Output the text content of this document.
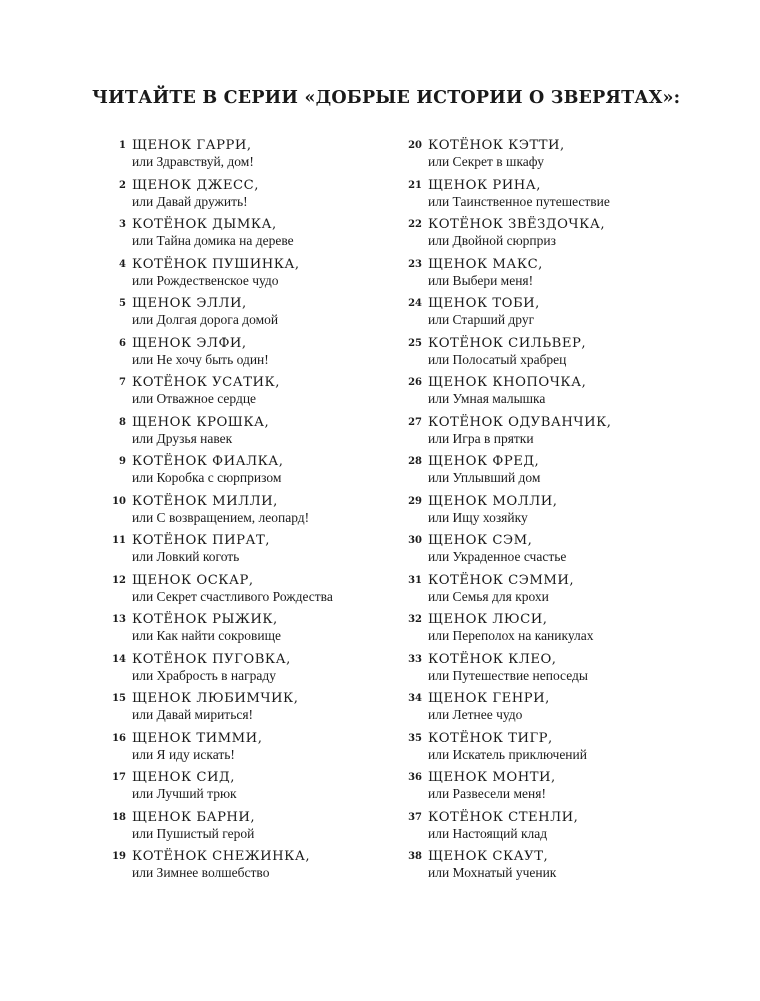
ЧИТАЙТЕ В СЕРИИ «ДОБРЫЕ ИСТОРИИ О ЗВЕРЯТАХ»:
1 ЩЕНОК ГАРРИ,
или Здравствуй, дом!
2 ЩЕНОК ДЖЕСС,
или Давай дружить!
3 КОТЁНОК ДЫМКА,
или Тайна домика на дереве
4 КОТЁНОК ПУШИНКА,
или Рождественское чудо
5 ЩЕНОК ЭЛЛИ,
или Долгая дорога домой
6 ЩЕНОК ЭЛФИ,
или Не хочу быть один!
7 КОТЁНОК УСАТИК,
или Отважное сердце
8 ЩЕНОК КРОШКА,
или Друзья навек
9 КОТЁНОК ФИАЛКА,
или Коробка с сюрпризом
10 КОТЁНОК МИЛЛИ,
или С возвращением, леопард!
11 КОТЁНОК ПИРАТ,
или Ловкий коготь
12 ЩЕНОК ОСКАР,
или Секрет счастливого Рождества
13 КОТЁНОК РЫЖИК,
или Как найти сокровище
14 КОТЁНОК ПУГОВКА,
или Храбрость в награду
15 ЩЕНОК ЛЮБИМЧИК,
или Давай мириться!
16 ЩЕНОК ТИММИ,
или Я иду искать!
17 ЩЕНОК СИД,
или Лучший трюк
18 ЩЕНОК БАРНИ,
или Пушистый герой
19 КОТЁНОК СНЕЖИНКА,
или Зимнее волшебство
20 КОТЁНОК КЭТТИ,
или Секрет в шкафу
21 ЩЕНОК РИНА,
или Таинственное путешествие
22 КОТЁНОК ЗВЁЗДОЧКА,
или Двойной сюрприз
23 ЩЕНОК МАКС,
или Выбери меня!
24 ЩЕНОК ТОБИ,
или Старший друг
25 КОТЁНОК СИЛЬВЕР,
или Полосатый храбрец
26 ЩЕНОК КНОПОЧКА,
или Умная малышка
27 КОТЁНОК ОДУВАНЧИК,
или Игра в прятки
28 ЩЕНОК ФРЕД,
или Уплывший дом
29 ЩЕНОК МОЛЛИ,
или Ищу хозяйку
30 ЩЕНОК СЭМ,
или Украденное счастье
31 КОТЁНОК СЭММИ,
или Семья для крохи
32 ЩЕНОК ЛЮСИ,
или Переполох на каникулах
33 КОТЁНОК КЛЕО,
или Путешествие непоседы
34 ЩЕНОК ГЕНРИ,
или Летнее чудо
35 КОТЁНОК ТИГР,
или Искатель приключений
36 ЩЕНОК МОНТИ,
или Развесели меня!
37 КОТЁНОК СТЕНЛИ,
или Настоящий клад
38 ЩЕНОК СКАУТ,
или Мохнатый ученик
